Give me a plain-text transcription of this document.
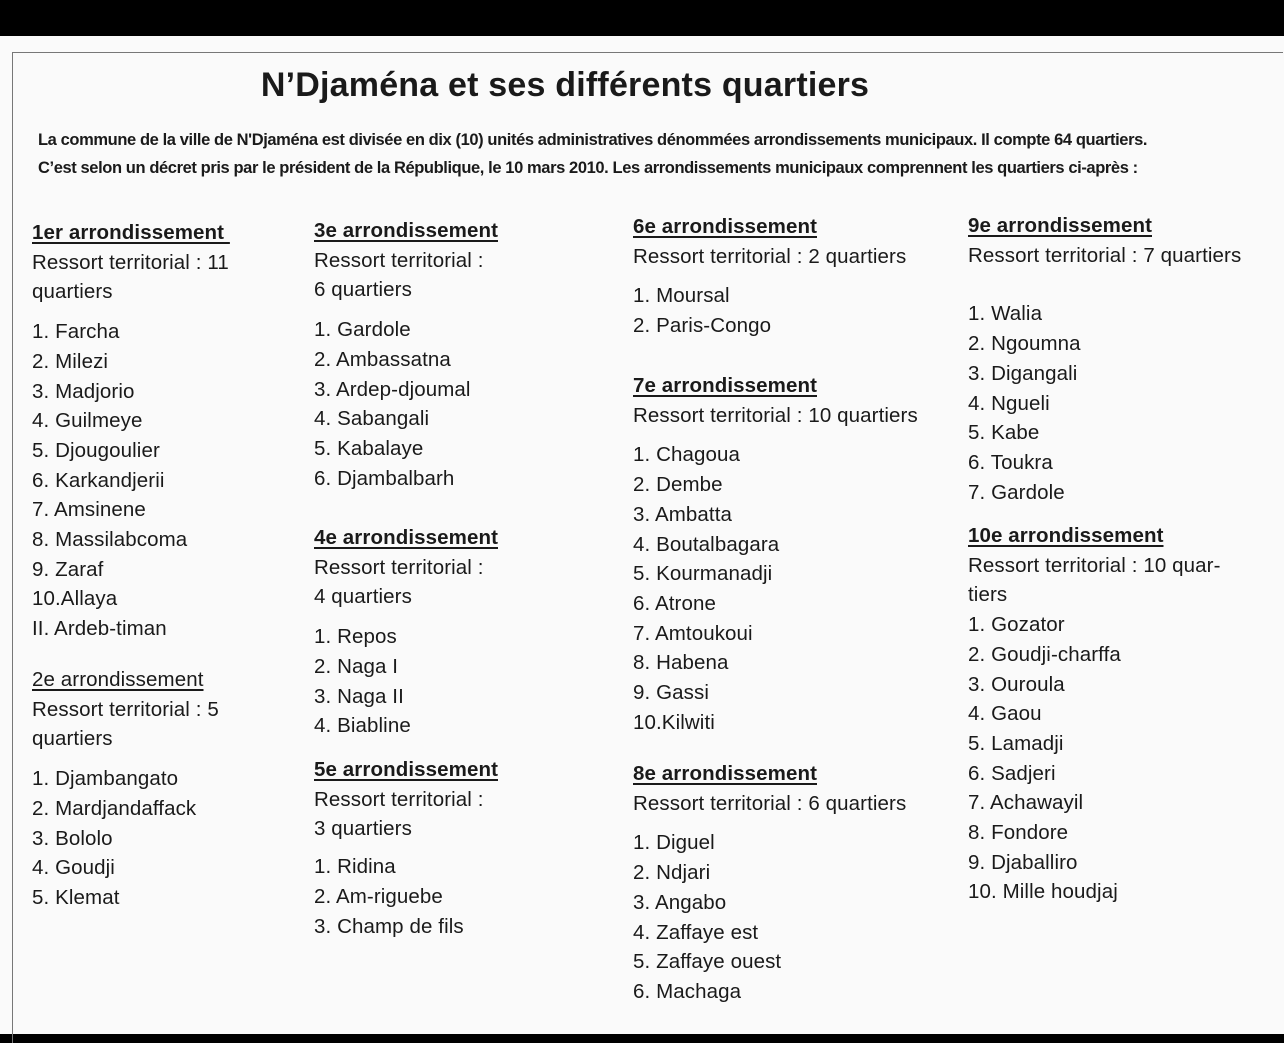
N’Djaména et ses différents quartiers
La commune de la ville de N'Djaména est divisée en dix (10) unités administratives dénommées arrondissements municipaux. Il compte 64 quartiers.
C’est selon un décret pris par le président de la République, le 10 mars 2010. Les arrondissements municipaux comprennent les quartiers ci-après :
1er arrondissement
Ressort territorial : 11
quartiers
1. Farcha
2. Milezi
3. Madjorio
4. Guilmeye
5. Djougoulier
6. Karkandjerii
7. Amsinene
8. Massilabcoma
9. Zaraf
10.Allaya
II. Ardeb-timan
2e arrondissement
Ressort territorial : 5
quartiers
1. Djambangato
2. Mardjandaffack
3. Bololo
4. Goudji
5. Klemat
3e arrondissement
Ressort territorial :
6 quartiers
1. Gardole
2. Ambassatna
3. Ardep-djoumal
4. Sabangali
5. Kabalaye
6. Djambalbarh
4e arrondissement
Ressort territorial :
4 quartiers
1. Repos
2. Naga I
3. Naga II
4. Biabline
5e arrondissement
Ressort territorial :
3 quartiers
1. Ridina
2. Am-riguebe
3. Champ de fils
6e arrondissement
Ressort territorial : 2 quartiers
1. Moursal
2. Paris-Congo
7e arrondissement
Ressort territorial : 10 quartiers
1. Chagoua
2. Dembe
3. Ambatta
4. Boutalbagara
5. Kourmanadji
6. Atrone
7. Amtoukoui
8. Habena
9. Gassi
10.Kilwiti
8e arrondissement
Ressort territorial : 6 quartiers
1. Diguel
2. Ndjari
3. Angabo
4. Zaffaye est
5. Zaffaye ouest
6. Machaga
9e arrondissement
Ressort territorial : 7 quartiers
1. Walia
2. Ngoumna
3. Digangali
4. Ngueli
5. Kabe
6. Toukra
7. Gardole
10e arrondissement
Ressort territorial : 10 quar-
tiers
1. Gozator
2. Goudji-charffa
3. Ouroula
4. Gaou
5. Lamadji
6. Sadjeri
7. Achawayil
8. Fondore
9. Djaballiro
10. Mille houdjaj
